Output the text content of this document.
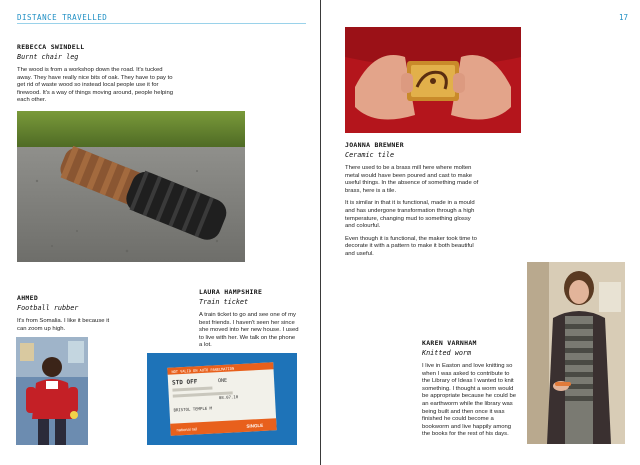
DISTANCE TRAVELLED
REBECCA SWINDELL
Burnt chair leg
The wood is from a workshop down the road. It's tucked away. They have really nice bits of oak. They have to pay to get rid of waste wood so instead local people use it for firewood. It's a way of things moving around, people helping each other.
AHMED
Football rubber
It's from Somalia. I like it because it can zoom up high.
LAURA HAMPSHIRE
Train ticket
A train ticket to go and see one of my best friends. I haven't seen her since she moved into her new house. I used to live with her. We talk on the phone a lot.
NOT VALID ON AUTO PANELMATION
STD OFF	ONE
08.07.10
BRISTOL TEMPLE M
national rail
SINGLE
17
JOANNA BREWNER
Ceramic tile

There used to be a brass mill here where molten metal would have been poured and cast to make useful things. In the absence of something made of brass, here is a tile.

It is similar in that it is functional, made in a mould and has undergone transformation through a high temperature, changing mud to something glossy and colourful.

Even though it is functional, the maker took time to decorate it with a pattern to make it both beautiful and useful.

KAREN VARNHAM
Knitted worm
I live in Easton and love knitting so when I was asked to contribute to the Library of Ideas I wanted to knit something. I thought a worm would be appropriate because he could be an earthworm while the library was being built and then once it was finished he could become a bookworm and live happily among the books for the rest of his days.
